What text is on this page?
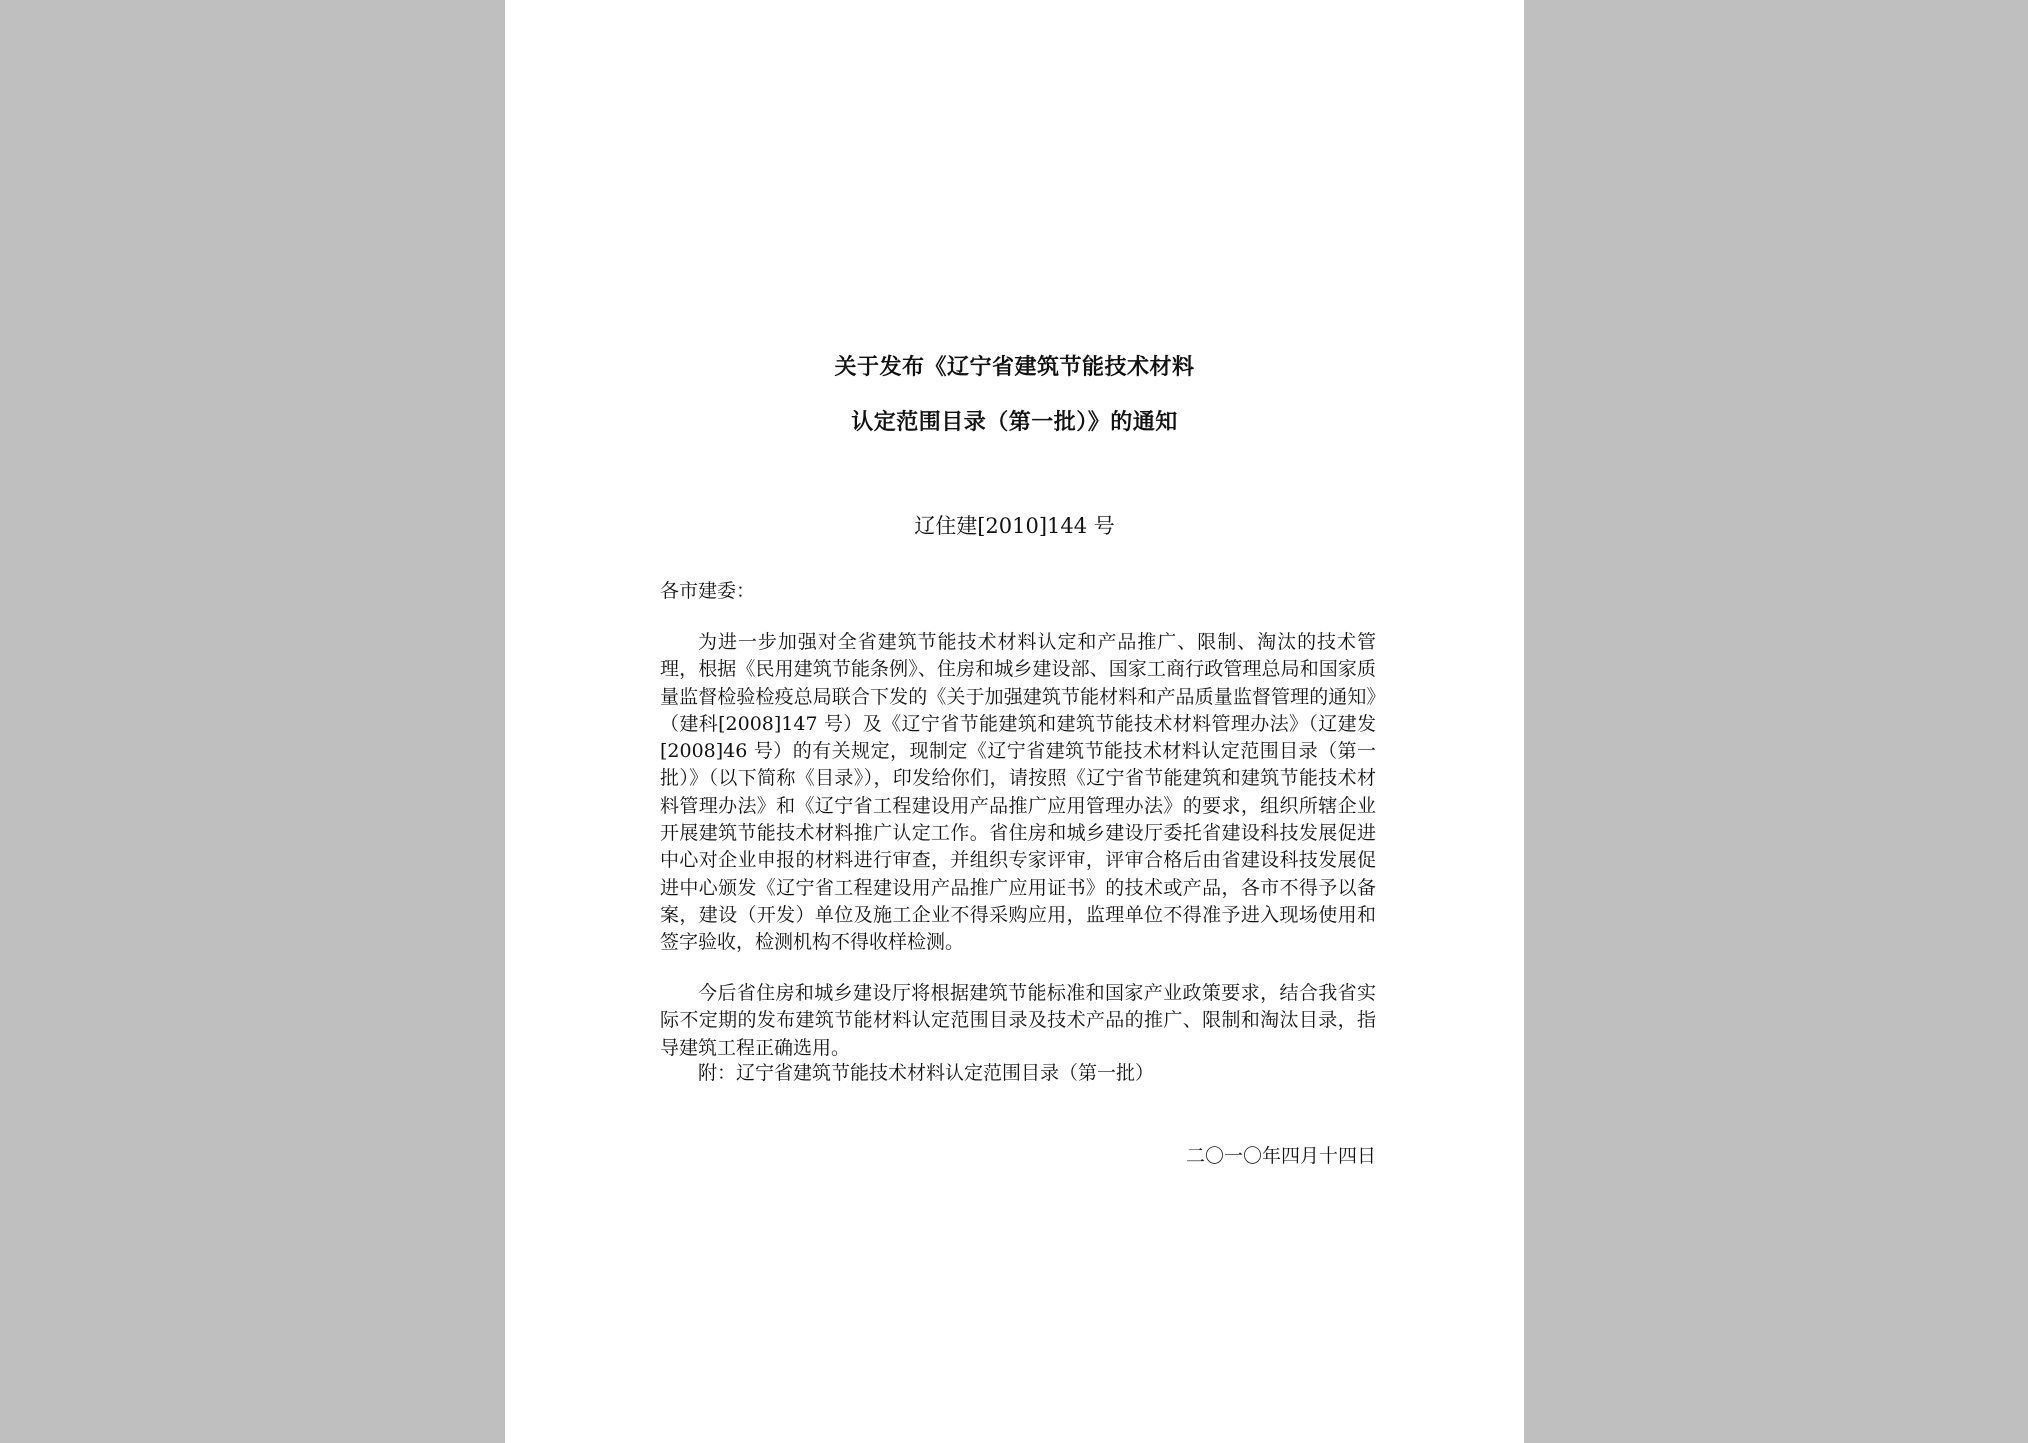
关于发布《辽宁省建筑节能技术材料
认定范围目录（第一批）》的通知
辽住建[2010]144 号
各市建委：
为进一步加强对全省建筑节能技术材料认定和产品推广、限制、淘汰的技术管理，根据《民用建筑节能条例》、住房和城乡建设部、国家工商行政管理总局和国家质量监督检验检疫总局联合下发的《关于加强建筑节能材料和产品质量监督管理的通知》（建科[2008]147 号）及《辽宁省节能建筑和建筑节能技术材料管理办法》（辽建发[2008]46 号）的有关规定，现制定《辽宁省建筑节能技术材料认定范围目录（第一批）》（以下简称《目录》），印发给你们，请按照《辽宁省节能建筑和建筑节能技术材料管理办法》和《辽宁省工程建设用产品推广应用管理办法》的要求，组织所辖企业开展建筑节能技术材料推广认定工作。省住房和城乡建设厅委托省建设科技发展促进中心对企业申报的材料进行审查，并组织专家评审，评审合格后由省建设科技发展促进中心颁发《辽宁省工程建设用产品推广应用证书》的技术或产品，各市不得予以备案，建设（开发）单位及施工企业不得采购应用，监理单位不得准予进入现场使用和签字验收，检测机构不得收样检测。
今后省住房和城乡建设厅将根据建筑节能标准和国家产业政策要求，结合我省实际不定期的发布建筑节能材料认定范围目录及技术产品的推广、限制和淘汰目录，指导建筑工程正确选用。
附：辽宁省建筑节能技术材料认定范围目录（第一批）
二〇一〇年四月十四日
